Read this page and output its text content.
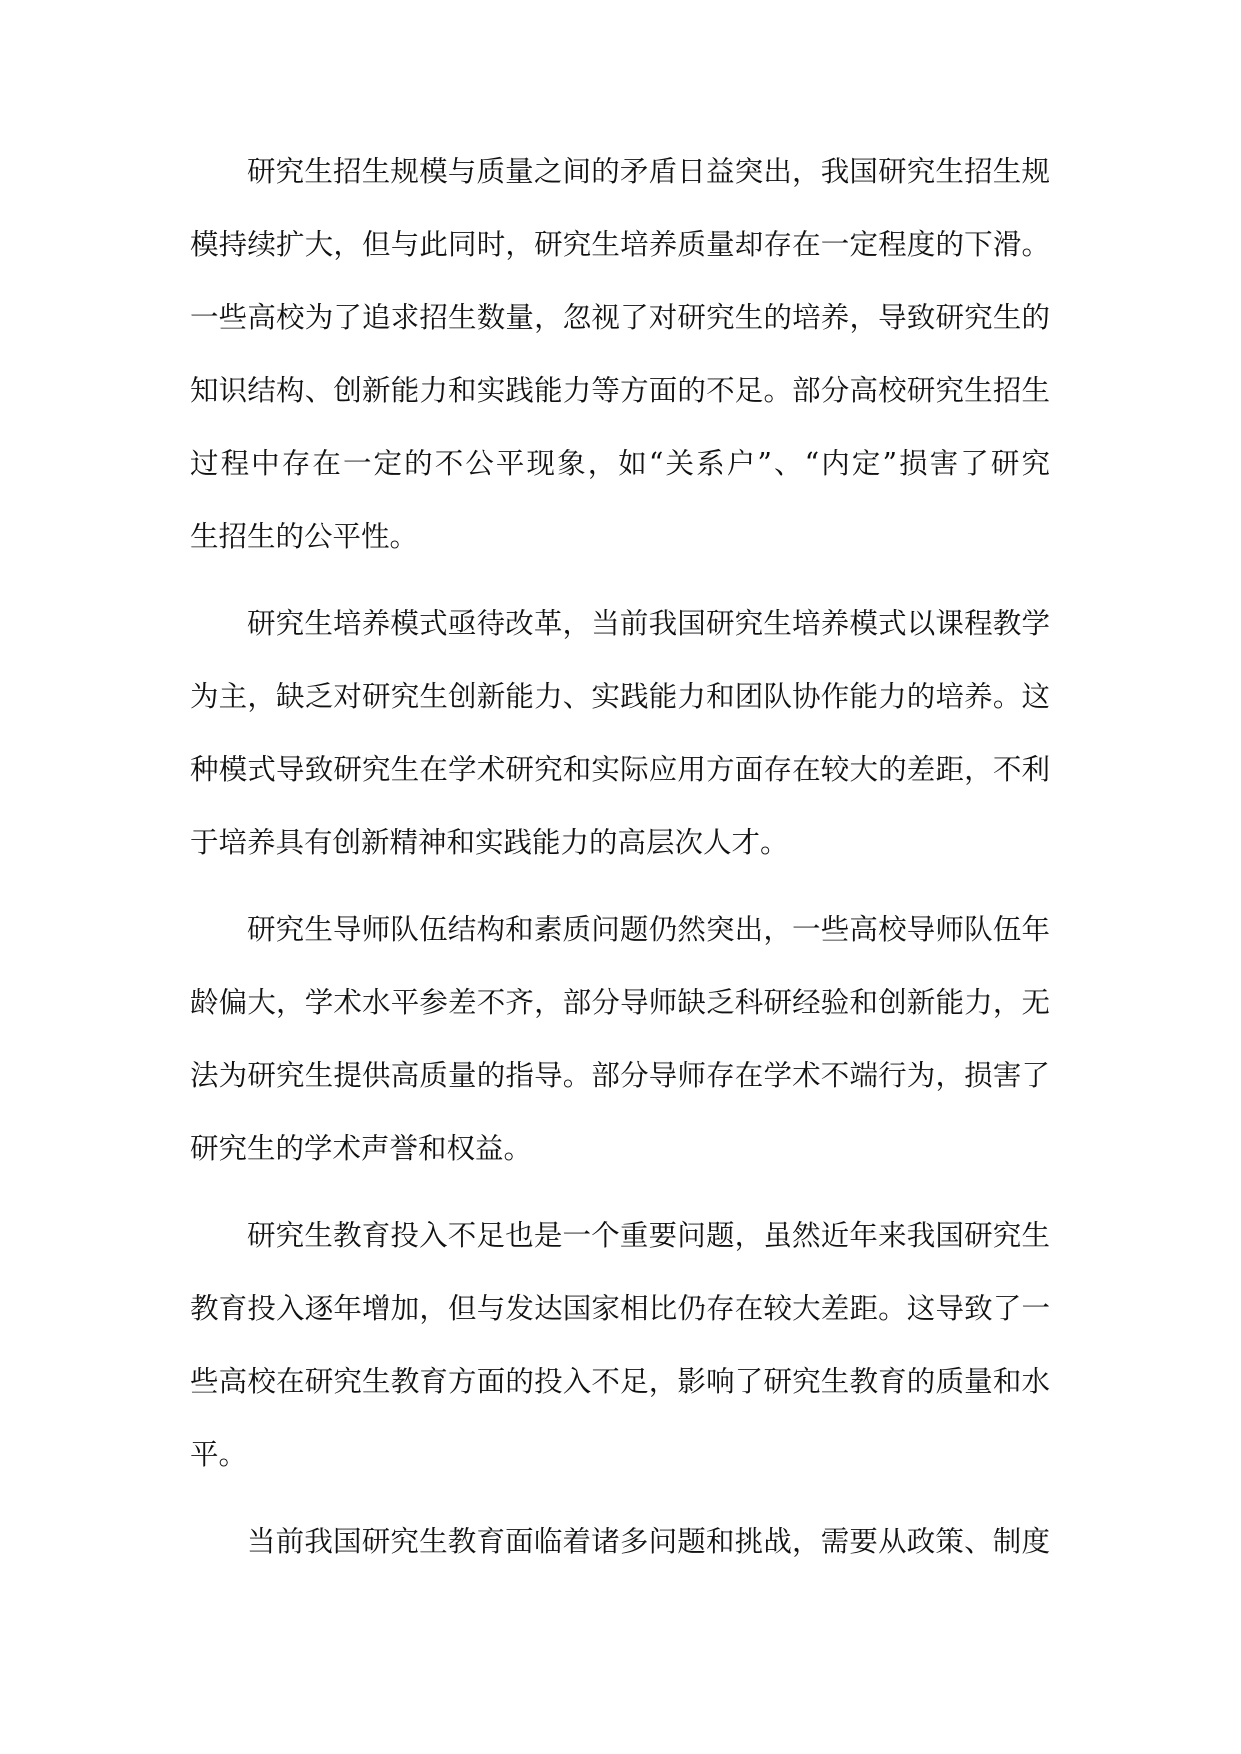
研究生招生规模与质量之间的矛盾日益突出，我国研究生招生规
模持续扩大，但与此同时，研究生培养质量却存在一定程度的下滑。
一些高校为了追求招生数量，忽视了对研究生的培养，导致研究生的
知识结构、创新能力和实践能力等方面的不足。部分高校研究生招生
过程中存在一定的不公平现象，如“关系户”、“内定”损害了研究
生招生的公平性。
研究生培养模式亟待改革，当前我国研究生培养模式以课程教学
为主，缺乏对研究生创新能力、实践能力和团队协作能力的培养。这
种模式导致研究生在学术研究和实际应用方面存在较大的差距，不利
于培养具有创新精神和实践能力的高层次人才。
研究生导师队伍结构和素质问题仍然突出，一些高校导师队伍年
龄偏大，学术水平参差不齐，部分导师缺乏科研经验和创新能力，无
法为研究生提供高质量的指导。部分导师存在学术不端行为，损害了
研究生的学术声誉和权益。
研究生教育投入不足也是一个重要问题，虽然近年来我国研究生
教育投入逐年增加，但与发达国家相比仍存在较大差距。这导致了一
些高校在研究生教育方面的投入不足，影响了研究生教育的质量和水
平。
当前我国研究生教育面临着诸多问题和挑战，需要从政策、制度
